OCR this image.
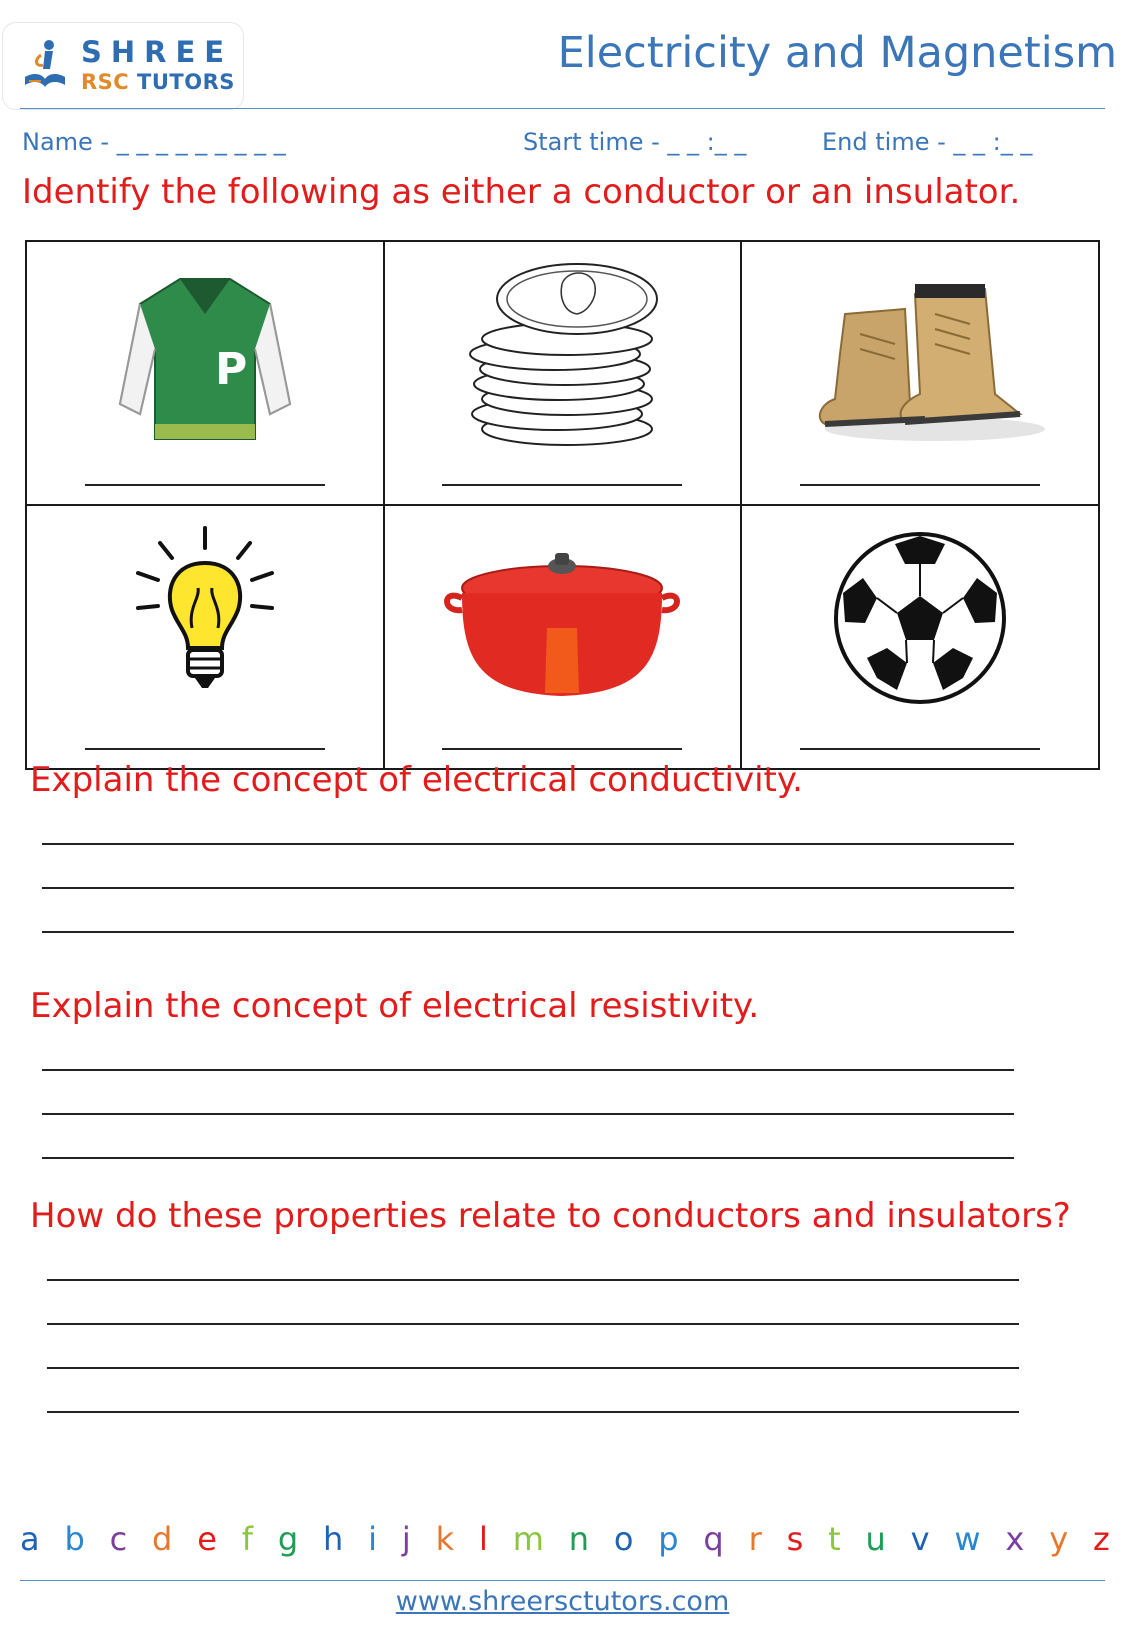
SHREE
RSC TUTORS
Electricity and Magnetism
Name - _ _ _ _ _ _ _ _ _	Start time - _ _ :_ _	End time - _ _ :_ _
Identify the following as either a conductor or an insulator.
P

Explain the concept of electrical conductivity.
Explain the concept of electrical resistivity.
How do these properties relate to conductors and insulators?
a b c d e f g h i j k l m n o p q r s t u v w x y z
www.shreersctutors.com
